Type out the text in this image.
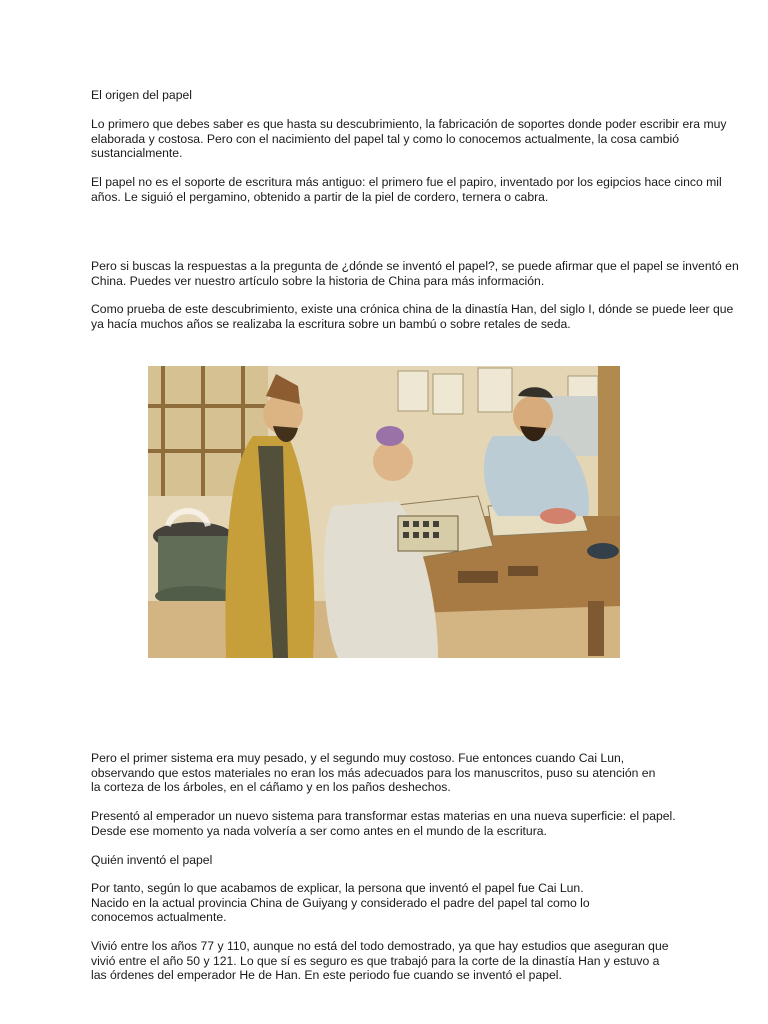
El origen del papel

Lo primero que debes saber es que hasta su descubrimiento, la fabricación de soportes donde poder escribir era muy
elaborada y costosa. Pero con el nacimiento del papel tal y como lo conocemos actualmente, la cosa cambió
sustancialmente.

El papel no es el soporte de escritura más antiguo: el primero fue el papiro, inventado por los egipcios hace cinco mil
años. Le siguió el pergamino, obtenido a partir de la piel de cordero, ternera o cabra.

Pero si buscas la respuestas a la pregunta de ¿dónde se inventó el papel?, se puede afirmar que el papel se inventó en
China. Puedes ver nuestro artículo sobre la historia de China para más información.

Como prueba de este descubrimiento, existe una crónica china de la dinastía Han, del siglo I, dónde se puede leer que
ya hacía muchos años se realizaba la escritura sobre un bambú o sobre retales de seda.

Pero el primer sistema era muy pesado, y el segundo muy costoso. Fue entonces cuando Cai Lun,
observando que estos materiales no eran los más adecuados para los manuscritos, puso su atención en
la corteza de los árboles, en el cáñamo y en los paños deshechos.

Presentó al emperador un nuevo sistema para transformar estas materias en una nueva superficie: el papel.
Desde ese momento ya nada volvería a ser como antes en el mundo de la escritura.

Quién inventó el papel

Por tanto, según lo que acabamos de explicar, la persona que inventó el papel fue Cai Lun.
Nacido en la actual provincia China de Guiyang y considerado el padre del papel tal como lo
conocemos actualmente.

Vivió entre los años 77 y 110, aunque no está del todo demostrado, ya que hay estudios que aseguran que
vivió entre el año 50 y 121. Lo que sí es seguro es que trabajó para la corte de la dinastía Han y estuvo a
las órdenes del emperador He de Han. En este periodo fue cuando se inventó el papel.
